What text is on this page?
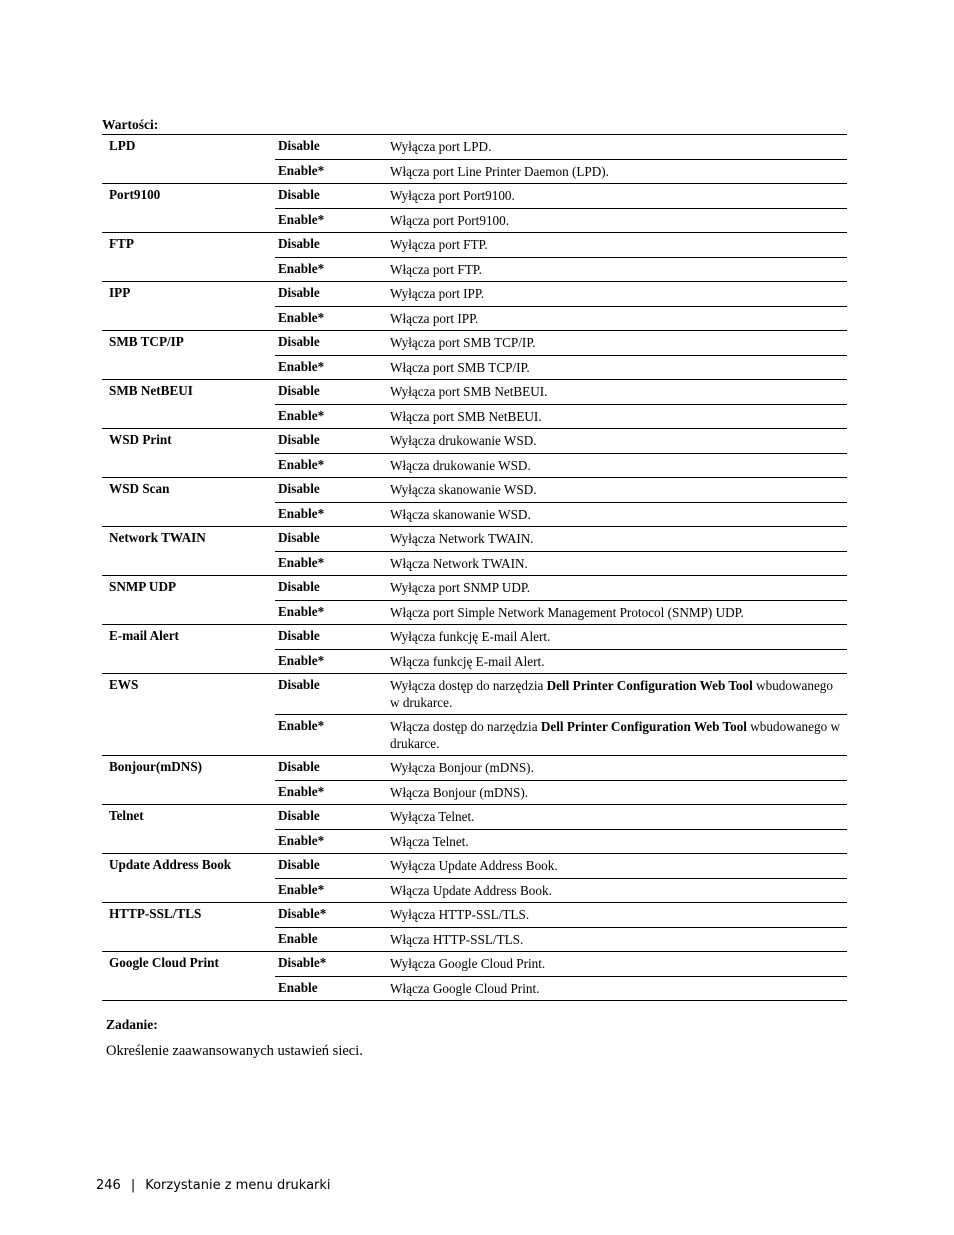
Wartości:
LPD	Disable	Wyłącza port LPD.
Enable*	Włącza port Line Printer Daemon (LPD).
Port9100	Disable	Wyłącza port Port9100.
Enable*	Włącza port Port9100.
FTP	Disable	Wyłącza port FTP.
Enable*	Włącza port FTP.
IPP	Disable	Wyłącza port IPP.
Enable*	Włącza port IPP.
SMB TCP/IP	Disable	Wyłącza port SMB TCP/IP.
Enable*	Włącza port SMB TCP/IP.
SMB NetBEUI	Disable	Wyłącza port SMB NetBEUI.
Enable*	Włącza port SMB NetBEUI.
WSD Print	Disable	Wyłącza drukowanie WSD.
Enable*	Włącza drukowanie WSD.
WSD Scan	Disable	Wyłącza skanowanie WSD.
Enable*	Włącza skanowanie WSD.
Network TWAIN	Disable	Wyłącza Network TWAIN.
Enable*	Włącza Network TWAIN.
SNMP UDP	Disable	Wyłącza port SNMP UDP.
Enable*	Włącza port Simple Network Management Protocol (SNMP) UDP.
E-mail Alert	Disable	Wyłącza funkcję E-mail Alert.
Enable*	Włącza funkcję E-mail Alert.
EWS	Disable	Wyłącza dostęp do narzędzia Dell Printer Configuration Web Tool wbudowanego w drukarce.
Enable*	Włącza dostęp do narzędzia Dell Printer Configuration Web Tool wbudowanego w drukarce.
Bonjour(mDNS)	Disable	Wyłącza Bonjour (mDNS).
Enable*	Włącza Bonjour (mDNS).
Telnet	Disable	Wyłącza Telnet.
Enable*	Włącza Telnet.
Update Address Book	Disable	Wyłącza Update Address Book.
Enable*	Włącza Update Address Book.
HTTP-SSL/TLS	Disable*	Wyłącza HTTP-SSL/TLS.
Enable	Włącza HTTP-SSL/TLS.
Google Cloud Print	Disable*	Wyłącza Google Cloud Print.
Enable	Włącza Google Cloud Print.
Zadanie:
Określenie zaawansowanych ustawień sieci.
246 | Korzystanie z menu drukarki
